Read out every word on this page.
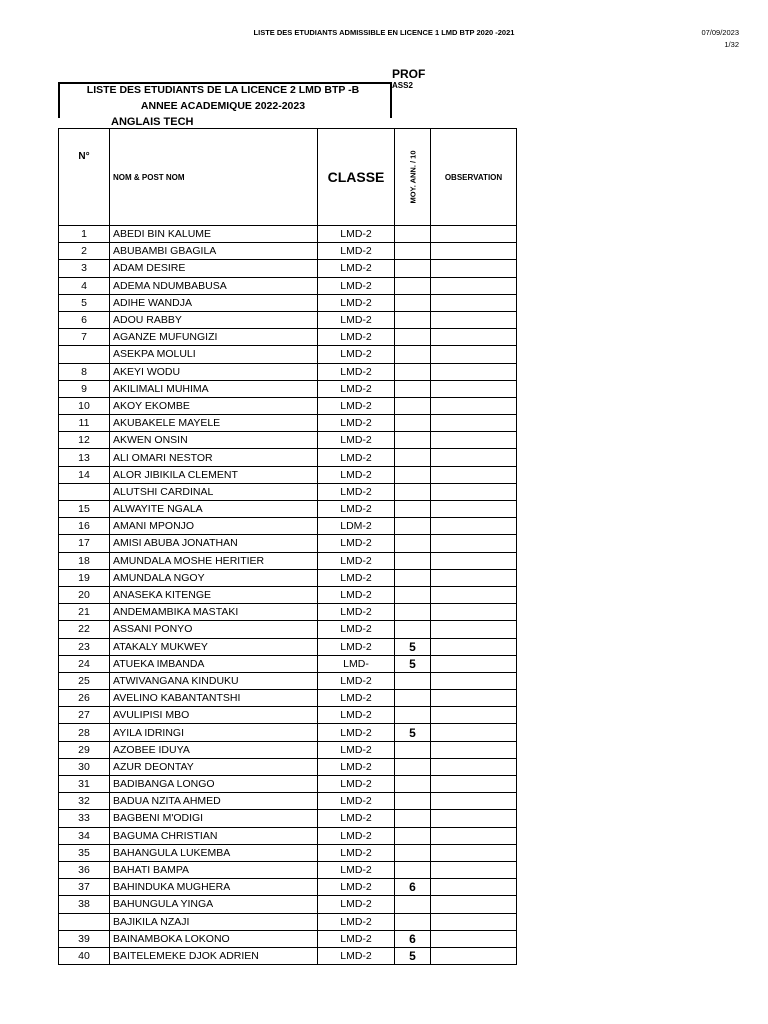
LISTE DES ETUDIANTS ADMISSIBLE EN LICENCE 1 LMD BTP 2020 -2021	07/09/2023
1/32
PROF
ASS2
LISTE DES ETUDIANTS DE LA LICENCE 2 LMD BTP -B
ANNEE ACADEMIQUE 2022-2023
ANGLAIS TECH
N°	NOM & POST NOM	CLASSE	MOY. ANN. / 10	OBSERVATION
1	ABEDI BIN KALUME	LMD-2		
2	ABUBAMBI GBAGILA	LMD-2		
3	ADAM DESIRE	LMD-2		
4	ADEMA NDUMBABUSA	LMD-2		
5	ADIHE WANDJA	LMD-2		
6	ADOU RABBY	LMD-2		
7	AGANZE MUFUNGIZI	LMD-2		
	ASEKPA MOLULI	LMD-2		
8	AKEYI WODU	LMD-2		
9	AKILIMALI MUHIMA	LMD-2		
10	AKOY EKOMBE	LMD-2		
11	AKUBAKELE MAYELE	LMD-2		
12	AKWEN ONSIN	LMD-2		
13	ALI OMARI NESTOR	LMD-2		
14	ALOR JIBIKILA CLEMENT	LMD-2		
	ALUTSHI CARDINAL	LMD-2		
15	ALWAYITE NGALA	LMD-2		
16	AMANI MPONJO	LDM-2		
17	AMISI ABUBA JONATHAN	LMD-2		
18	AMUNDALA MOSHE HERITIER	LMD-2		
19	AMUNDALA NGOY	LMD-2		
20	ANASEKA KITENGE	LMD-2		
21	ANDEMAMBIKA MASTAKI	LMD-2		
22	ASSANI PONYO	LMD-2		
23	ATAKALY MUKWEY	LMD-2	5	
24	ATUEKA IMBANDA	LMD-	5	
25	ATWIVANGANA KINDUKU	LMD-2		
26	AVELINO KABANTANTSHI	LMD-2		
27	AVULIPISI MBO	LMD-2		
28	AYILA IDRINGI	LMD-2	5	
29	AZOBEE IDUYA	LMD-2		
30	AZUR DEONTAY	LMD-2		
31	BADIBANGA LONGO	LMD-2		
32	BADUA NZITA AHMED	LMD-2		
33	BAGBENI M'ODIGI	LMD-2		
34	BAGUMA CHRISTIAN	LMD-2		
35	BAHANGULA LUKEMBA	LMD-2		
36	BAHATI BAMPA	LMD-2		
37	BAHINDUKA MUGHERA	LMD-2	6	
38	BAHUNGULA YINGA	LMD-2		
	BAJIKILA NZAJI	LMD-2		
39	BAINAMBOKA LOKONO	LMD-2	6	
40	BAITELEMEKE DJOK ADRIEN	LMD-2	5	
